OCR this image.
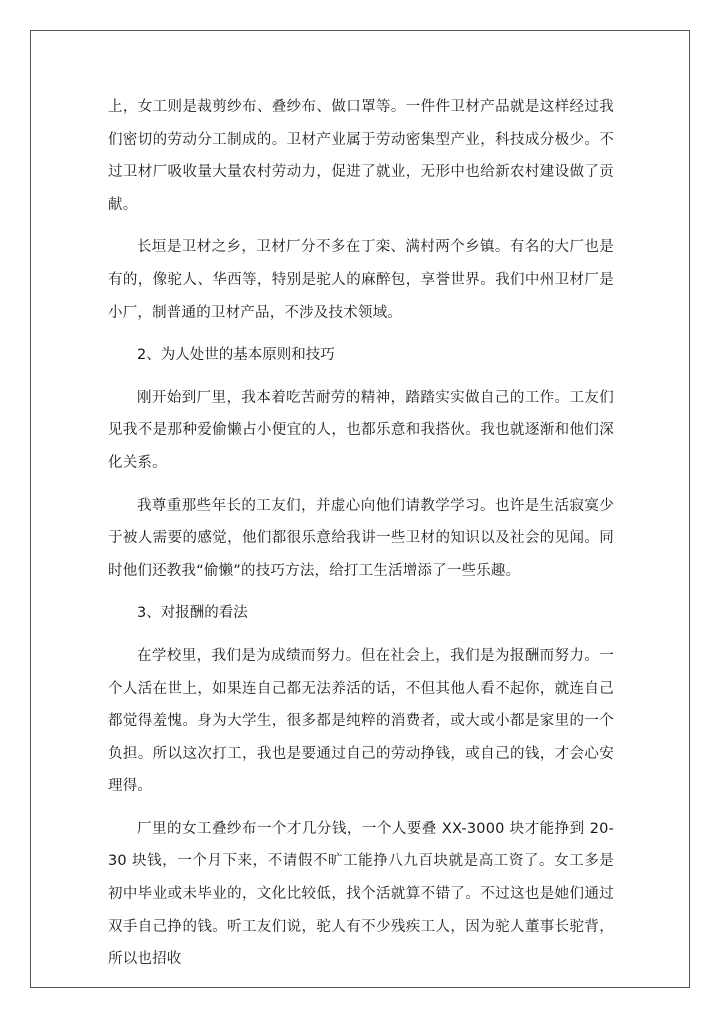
上，女工则是裁剪纱布、叠纱布、做口罩等。一件件卫材产品就是这样经过我们密切的劳动分工制成的。卫材产业属于劳动密集型产业，科技成分极少。不过卫材厂吸收量大量农村劳动力，促进了就业，无形中也给新农村建设做了贡献。

长垣是卫材之乡，卫材厂分不多在丁栾、满村两个乡镇。有名的大厂也是有的，像驼人、华西等，特别是驼人的麻醉包，享誉世界。我们中州卫材厂是小厂，制普通的卫材产品，不涉及技术领域。

2、为人处世的基本原则和技巧

刚开始到厂里，我本着吃苦耐劳的精神，踏踏实实做自己的工作。工友们见我不是那种爱偷懒占小便宜的人，也都乐意和我搭伙。我也就逐渐和他们深化关系。

我尊重那些年长的工友们，并虚心向他们请教学学习。也许是生活寂寞少于被人需要的感觉，他们都很乐意给我讲一些卫材的知识以及社会的见闻。同时他们还教我“偷懒”的技巧方法，给打工生活增添了一些乐趣。

3、对报酬的看法

在学校里，我们是为成绩而努力。但在社会上，我们是为报酬而努力。一个人活在世上，如果连自己都无法养活的话，不但其他人看不起你，就连自己都觉得羞愧。身为大学生，很多都是纯粹的消费者，或大或小都是家里的一个负担。所以这次打工，我也是要通过自己的劳动挣钱，或自己的钱，才会心安理得。

厂里的女工叠纱布一个才几分钱，一个人要叠 XX-3000 块才能挣到 20-30 块钱，一个月下来，不请假不旷工能挣八九百块就是高工资了。女工多是初中毕业或未毕业的，文化比较低，找个活就算不错了。不过这也是她们通过双手自己挣的钱。听工友们说，驼人有不少残疾工人，因为驼人董事长驼背，所以也招收
